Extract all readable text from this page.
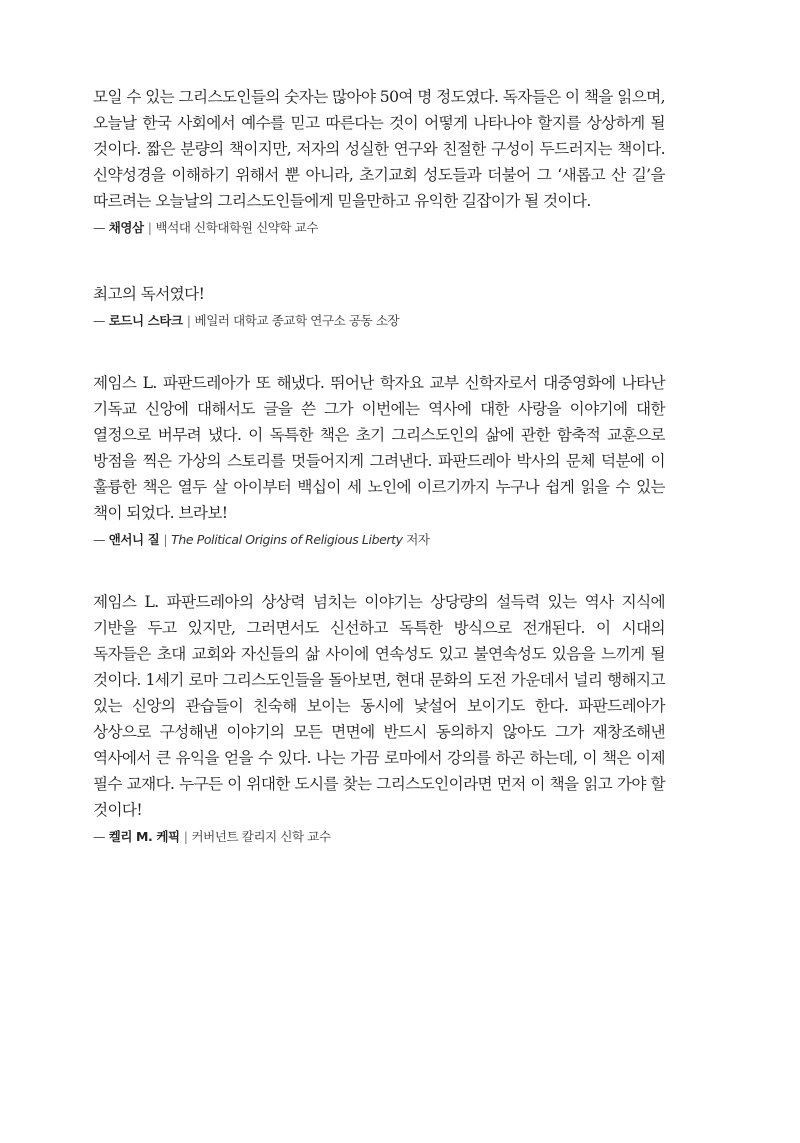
모일 수 있는 그리스도인들의 숫자는 많아야 50여 명 정도였다. 독자들은 이 책을 읽으며, 오늘날 한국 사회에서 예수를 믿고 따른다는 것이 어떻게 나타나야 할지를 상상하게 될 것이다. 짧은 분량의 책이지만, 저자의 성실한 연구와 친절한 구성이 두드러지는 책이다. 신약성경을 이해하기 위해서 뿐 아니라, 초기교회 성도들과 더불어 그 ‘새롭고 산 길’을 따르려는 오늘날의 그리스도인들에게 믿을만하고 유익한 길잡이가 될 것이다.

— 채영삼 | 백석대 신학대학원 신약학 교수

최고의 독서였다!

— 로드니 스타크 | 베일러 대학교 종교학 연구소 공동 소장

제임스 L. 파판드레아가 또 해냈다. 뛰어난 학자요 교부 신학자로서 대중영화에 나타난 기독교 신앙에 대해서도 글을 쓴 그가 이번에는 역사에 대한 사랑을 이야기에 대한 열정으로 버무려 냈다. 이 독특한 책은 초기 그리스도인의 삶에 관한 함축적 교훈으로 방점을 찍은 가상의 스토리를 멋들어지게 그려낸다. 파판드레아 박사의 문체 덕분에 이 훌륭한 책은 열두 살 아이부터 백십이 세 노인에 이르기까지 누구나 쉽게 읽을 수 있는 책이 되었다. 브라보!

— 앤서니 질 | The Political Origins of Religious Liberty 저자

제임스 L. 파판드레아의 상상력 넘치는 이야기는 상당량의 설득력 있는 역사 지식에 기반을 두고 있지만, 그러면서도 신선하고 독특한 방식으로 전개된다. 이 시대의 독자들은 초대 교회와 자신들의 삶 사이에 연속성도 있고 불연속성도 있음을 느끼게 될 것이다. 1세기 로마 그리스도인들을 돌아보면, 현대 문화의 도전 가운데서 널리 행해지고 있는 신앙의 관습들이 친숙해 보이는 동시에 낯설어 보이기도 한다. 파판드레아가 상상으로 구성해낸 이야기의 모든 면면에 반드시 동의하지 않아도 그가 재창조해낸 역사에서 큰 유익을 얻을 수 있다. 나는 가끔 로마에서 강의를 하곤 하는데, 이 책은 이제 필수 교재다. 누구든 이 위대한 도시를 찾는 그리스도인이라면 먼저 이 책을 읽고 가야 할 것이다!

— 켈리 M. 케픽 | 커버넌트 칼리지 신학 교수
